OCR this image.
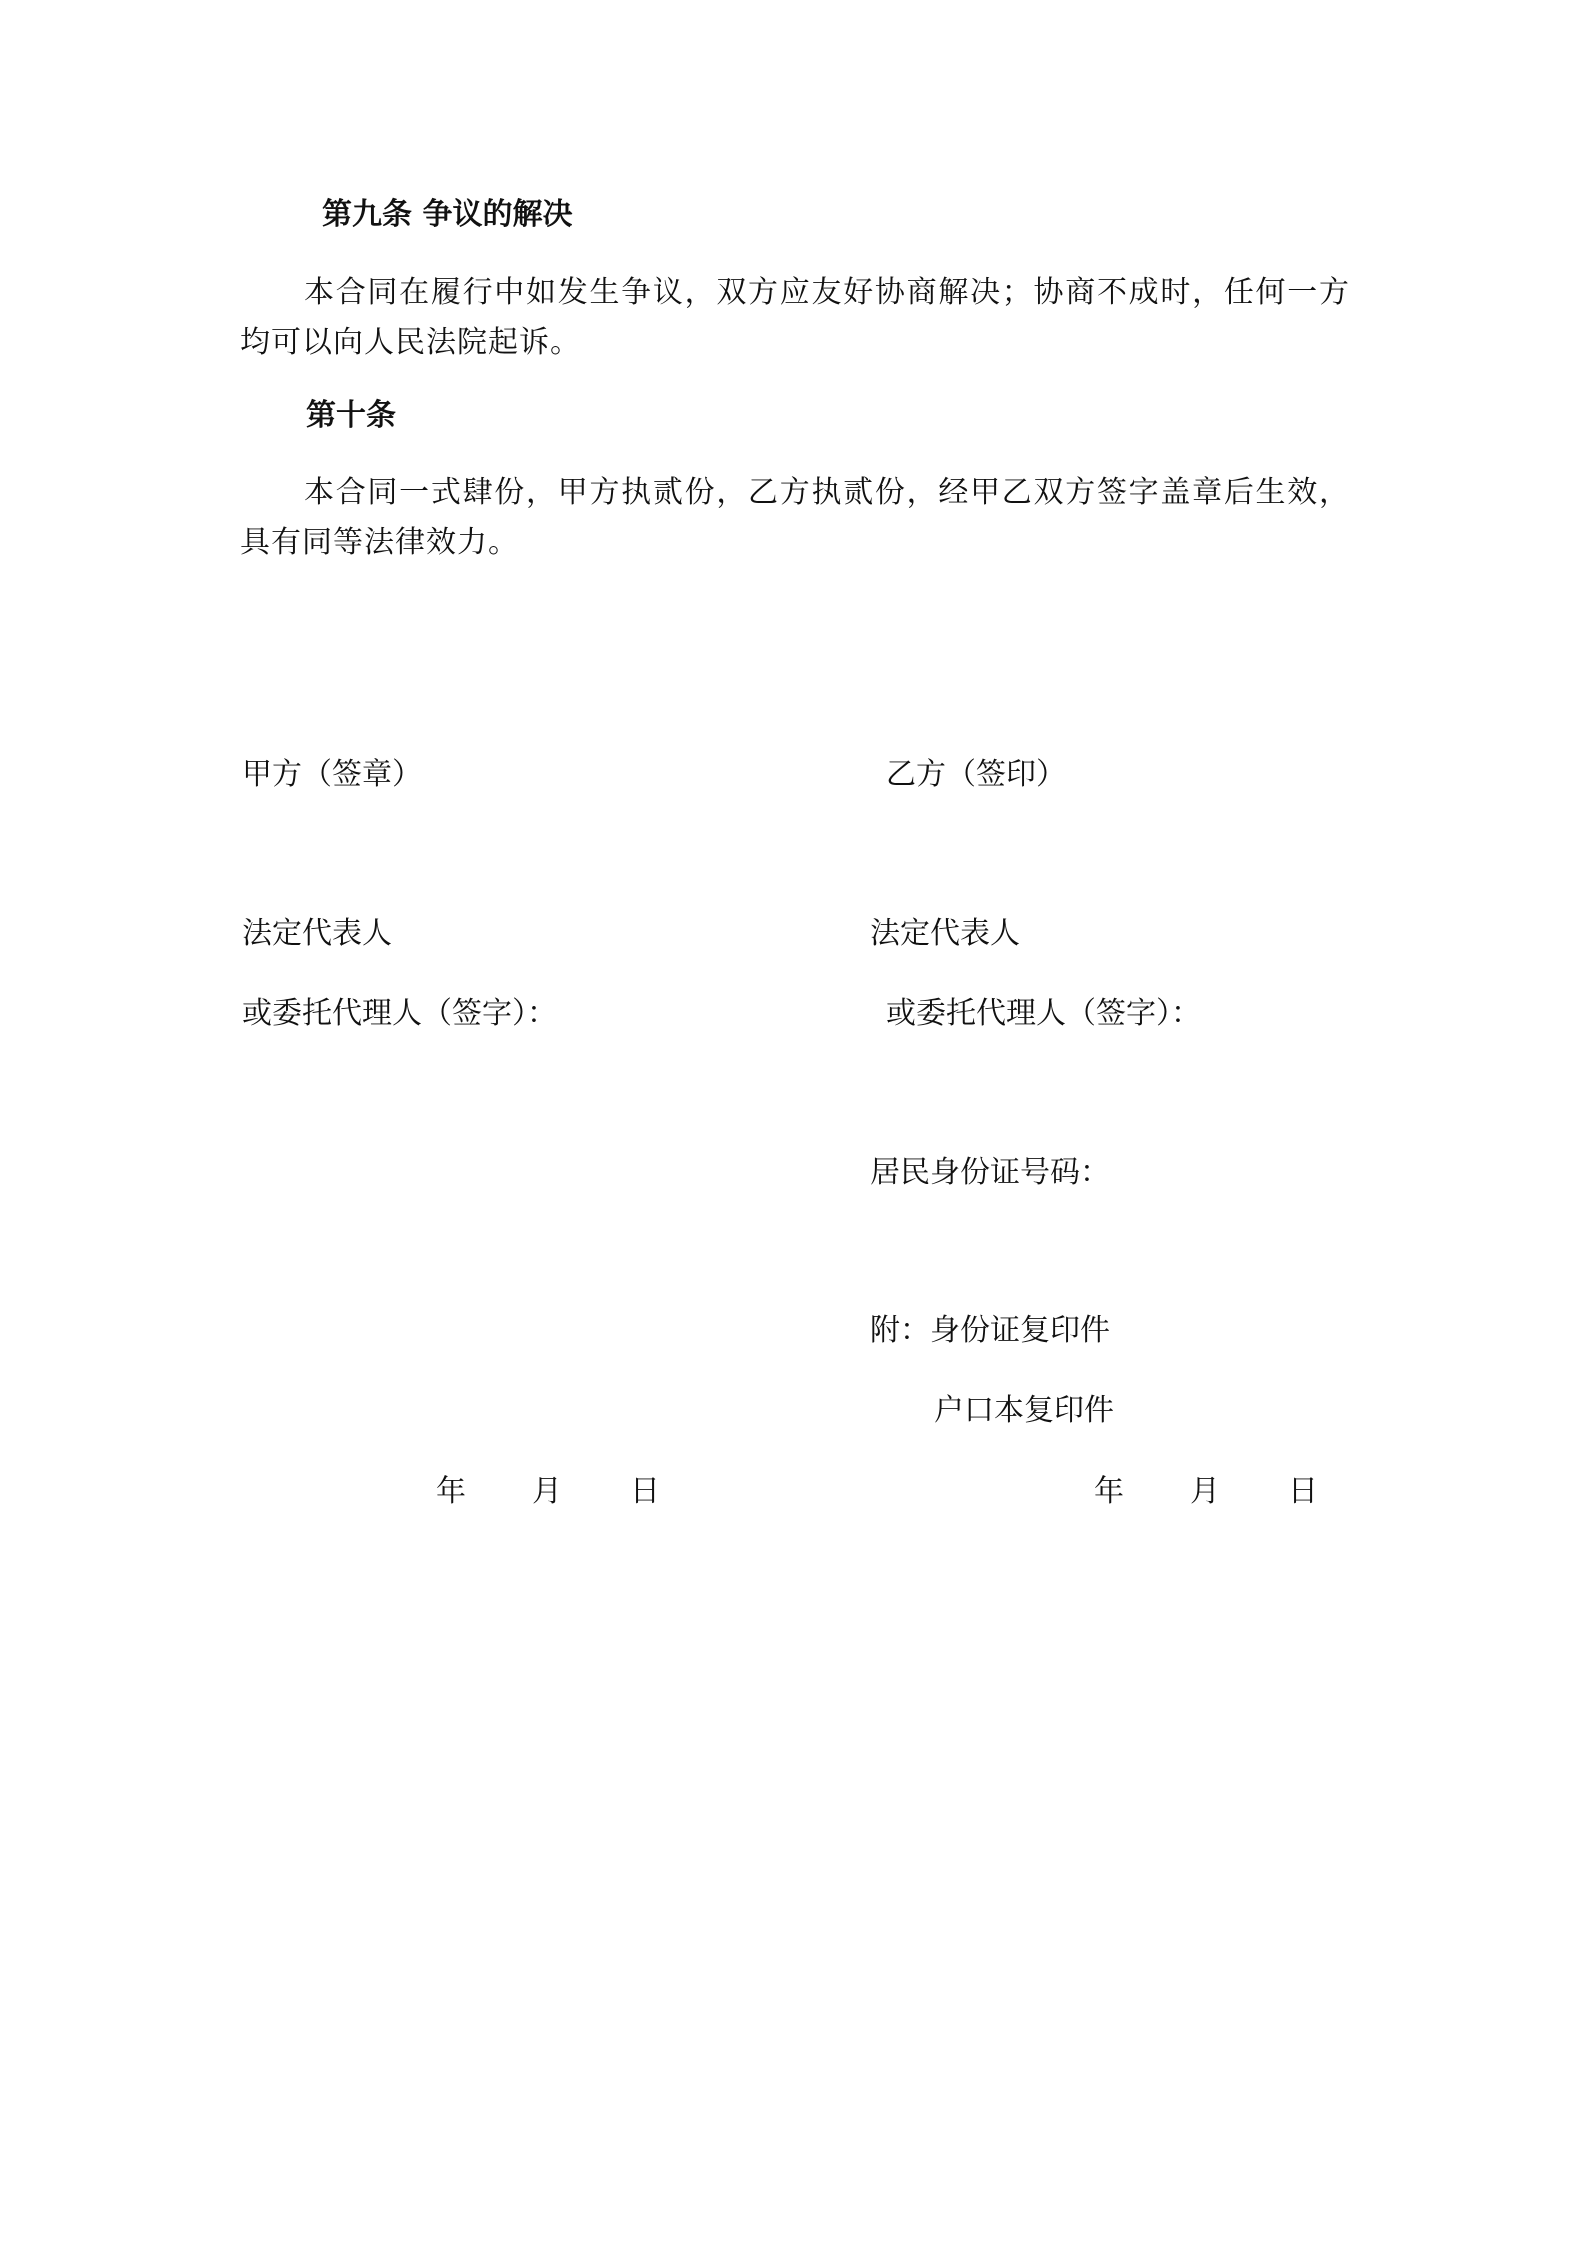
第九条 争议的解决
本合同在履行中如发生争议，双方应友好协商解决；协商不成时，任何一方均可以向人民法院起诉。
第十条
本合同一式肆份，甲方执贰份，乙方执贰份，经甲乙双方签字盖章后生效，具有同等法律效力。
甲方（签章）
法定代表人
或委托代理人（签字）：
年 月 日
乙方（签印）
法定代表人
或委托代理人（签字）：
居民身份证号码：
附：身份证复印件
户口本复印件
年 月 日
